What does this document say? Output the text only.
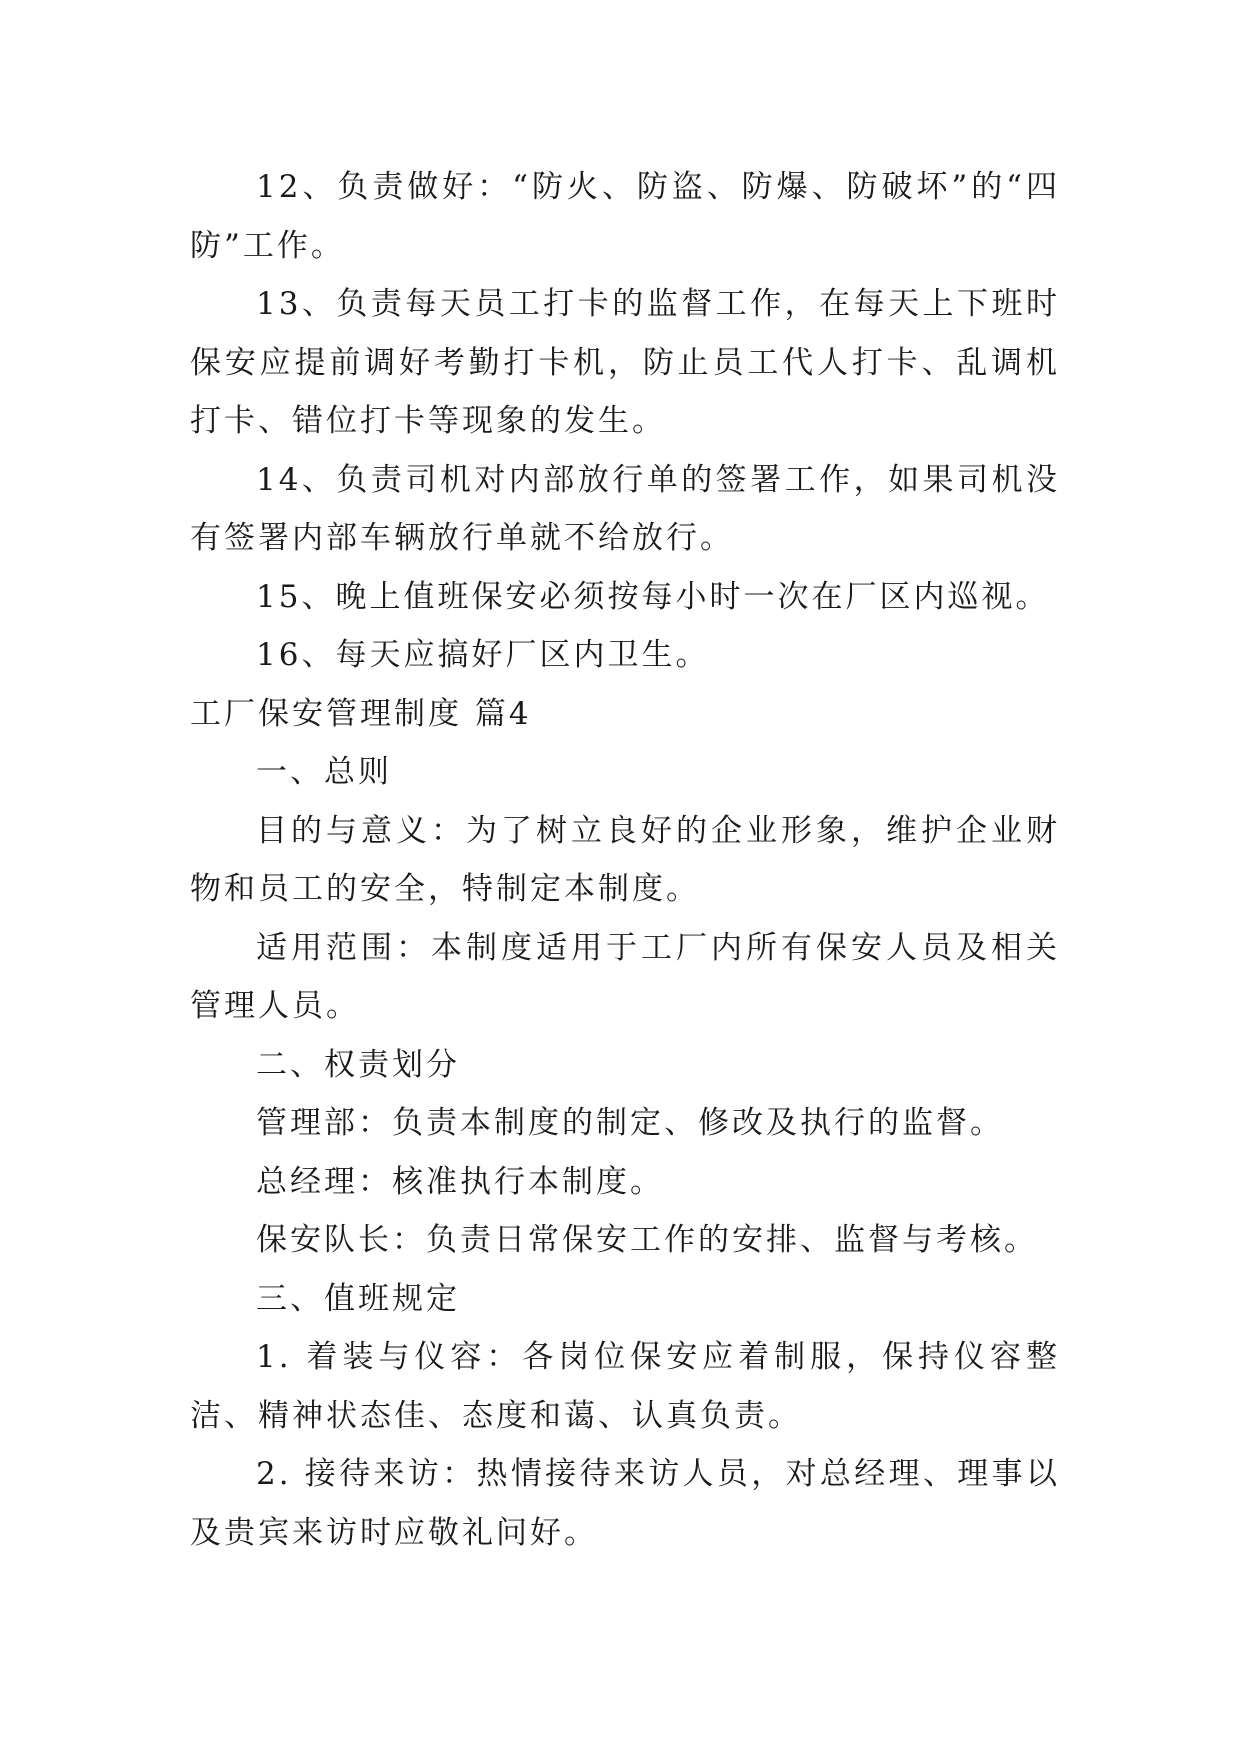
12、负责做好：“防火、防盗、防爆、防破坏”的“四防”工作。

13、负责每天员工打卡的监督工作，在每天上下班时保安应提前调好考勤打卡机，防止员工代人打卡、乱调机打卡、错位打卡等现象的发生。

14、负责司机对内部放行单的签署工作，如果司机没有签署内部车辆放行单就不给放行。

15、晚上值班保安必须按每小时一次在厂区内巡视。

16、每天应搞好厂区内卫生。

工厂保安管理制度 篇4

一、总则

目的与意义：为了树立良好的企业形象，维护企业财物和员工的安全，特制定本制度。

适用范围：本制度适用于工厂内所有保安人员及相关管理人员。

二、权责划分

管理部：负责本制度的制定、修改及执行的监督。

总经理：核准执行本制度。

保安队长：负责日常保安工作的安排、监督与考核。

三、值班规定

1. 着装与仪容：各岗位保安应着制服，保持仪容整洁、精神状态佳、态度和蔼、认真负责。

2. 接待来访：热情接待来访人员，对总经理、理事以及贵宾来访时应敬礼问好。
